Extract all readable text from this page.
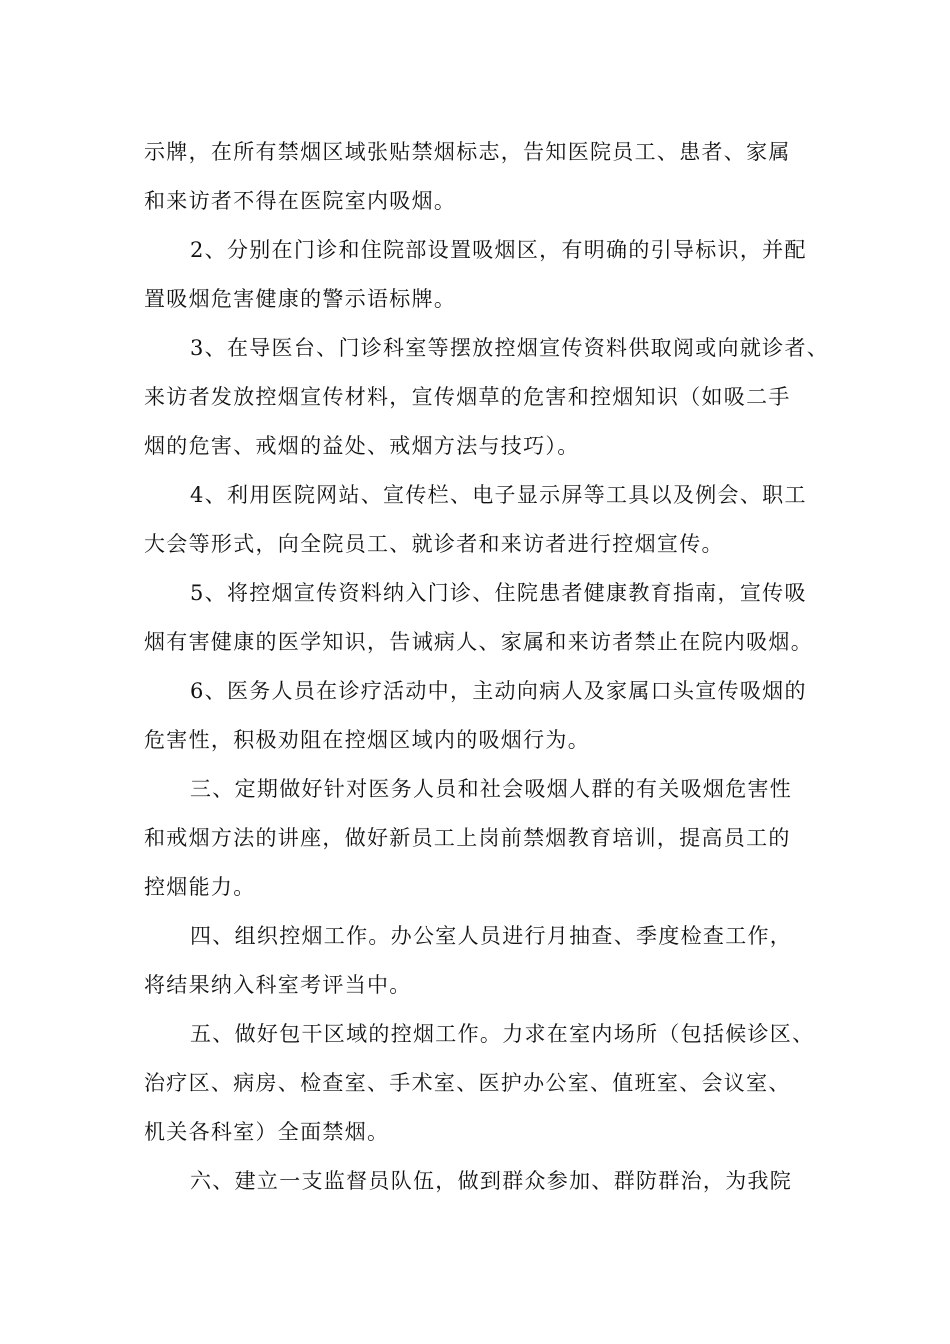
示牌，在所有禁烟区域张贴禁烟标志，告知医院员工、患者、家属
和来访者不得在医院室内吸烟。
2、分别在门诊和住院部设置吸烟区，有明确的引导标识，并配
置吸烟危害健康的警示语标牌。
3、在导医台、门诊科室等摆放控烟宣传资料供取阅或向就诊者、
来访者发放控烟宣传材料，宣传烟草的危害和控烟知识（如吸二手
烟的危害、戒烟的益处、戒烟方法与技巧）。
4、利用医院网站、宣传栏、电子显示屏等工具以及例会、职工
大会等形式，向全院员工、就诊者和来访者进行控烟宣传。
5、将控烟宣传资料纳入门诊、住院患者健康教育指南，宣传吸
烟有害健康的医学知识，告诫病人、家属和来访者禁止在院内吸烟。
6、医务人员在诊疗活动中，主动向病人及家属口头宣传吸烟的
危害性，积极劝阻在控烟区域内的吸烟行为。
三、定期做好针对医务人员和社会吸烟人群的有关吸烟危害性
和戒烟方法的讲座，做好新员工上岗前禁烟教育培训，提高员工的
控烟能力。
四、组织控烟工作。办公室人员进行月抽查、季度检查工作，
将结果纳入科室考评当中。
五、做好包干区域的控烟工作。力求在室内场所（包括候诊区、
治疗区、病房、检查室、手术室、医护办公室、值班室、会议室、
机关各科室）全面禁烟。
六、建立一支监督员队伍，做到群众参加、群防群治，为我院
